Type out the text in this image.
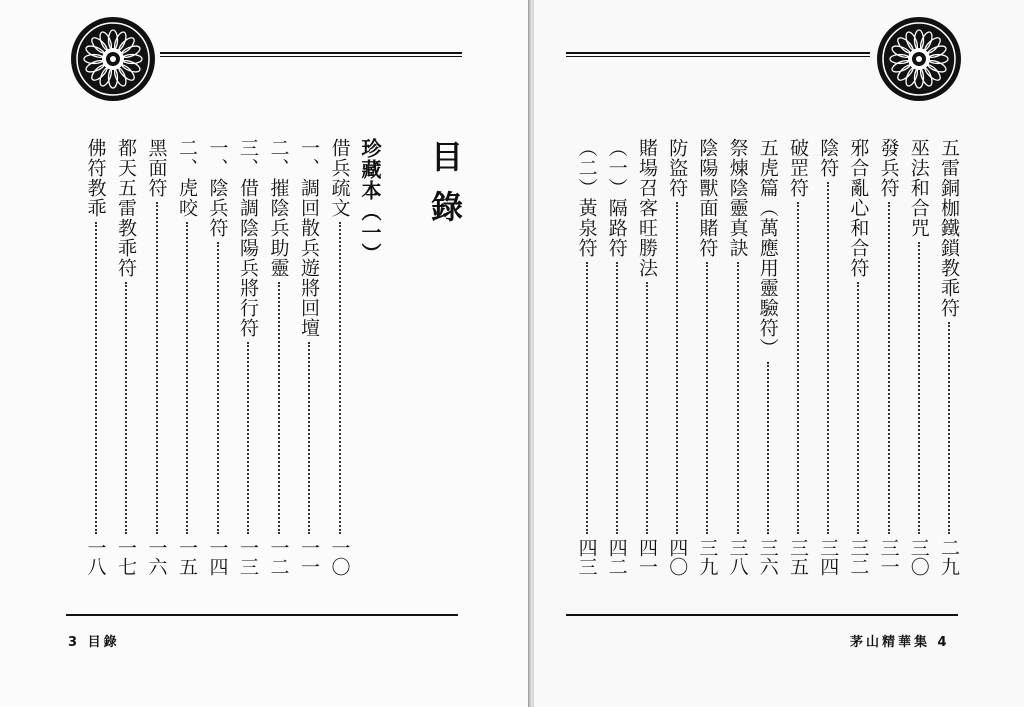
目錄
珍藏本（一）
借兵疏文
一〇
一、調回散兵遊將回壇
一一
二、摧陰兵助靈
一二
三、借調陰陽兵將行符
一三
一、陰兵符
一四
二、虎咬
一五
黑面符
一六
都天五雷教乖符
一七
佛符教乖
一八
3 目錄
五雷銅枷鐵鎖教乖符
二九
巫法和合咒
三〇
發兵符
三一
邪合亂心和合符
三二
陰符
三四
破罡符
三五
五虎篇（萬應用靈驗符）
三六
祭煉陰靈真訣
三八
陰陽獸面賭符
三九
防盜符
四〇
賭場召客旺勝法
四一
（一）隔路符
四二
（二）黃泉符
四三
茅山精華集 4
